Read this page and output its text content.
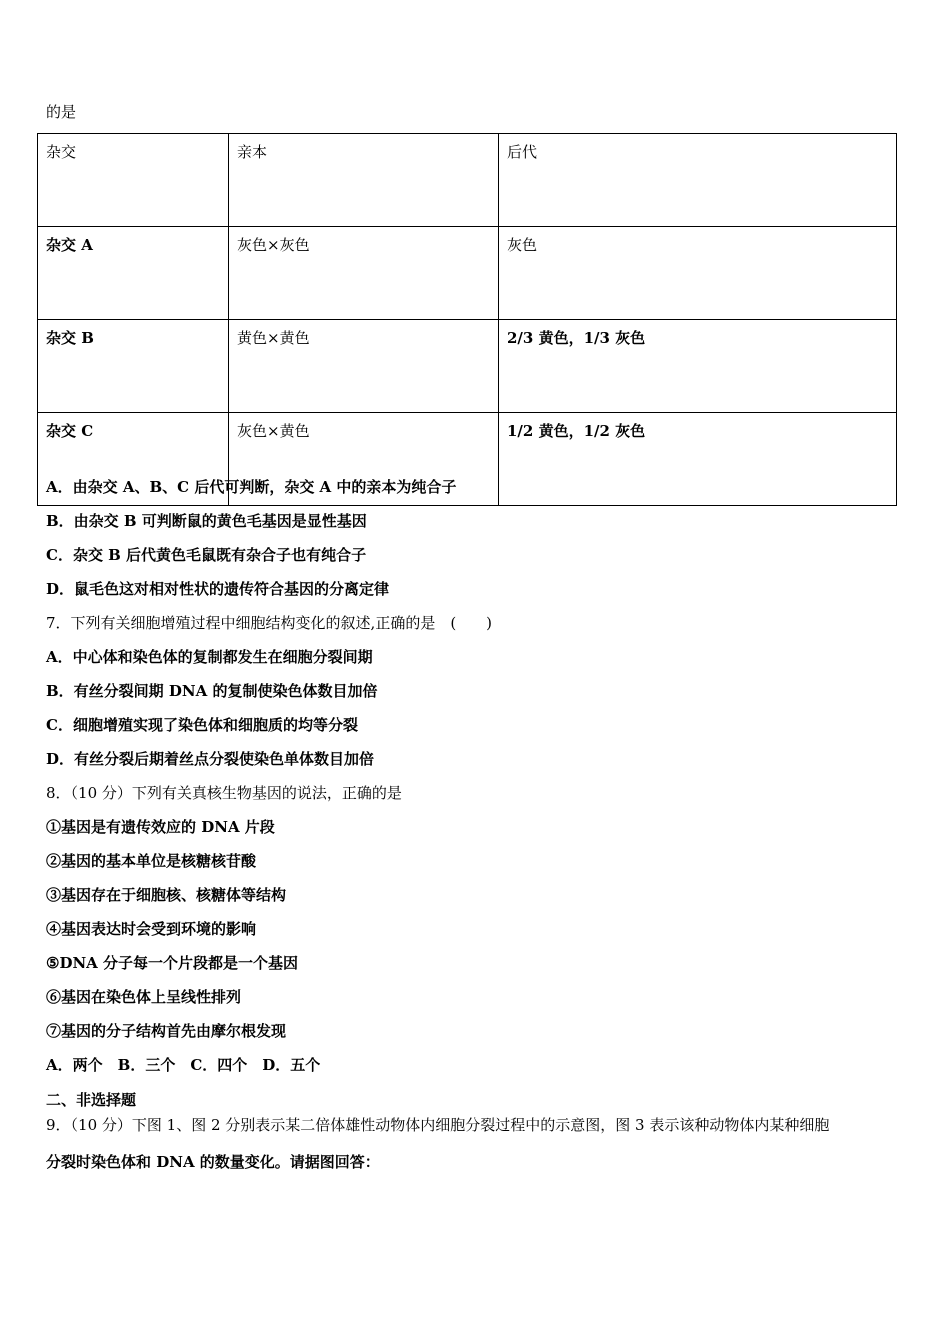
的是
杂交	亲本	后代
杂交 A	灰色×灰色	灰色
杂交 B	黄色×黄色	2/3 黄色，1/3 灰色
杂交 C	灰色×黄色	1/2 黄色，1/2 灰色
A．由杂交 A、B、C 后代可判断，杂交 A 中的亲本为纯合子
B．由杂交 B 可判断鼠的黄色毛基因是显性基因
C．杂交 B 后代黄色毛鼠既有杂合子也有纯合子
D．鼠毛色这对相对性状的遗传符合基因的分离定律
7．下列有关细胞增殖过程中细胞结构变化的叙述,正确的是　(　　)
A．中心体和染色体的复制都发生在细胞分裂间期
B．有丝分裂间期 DNA 的复制使染色体数目加倍
C．细胞增殖实现了染色体和细胞质的均等分裂
D．有丝分裂后期着丝点分裂使染色单体数目加倍
8．（10 分）下列有关真核生物基因的说法，正确的是
①基因是有遗传效应的 DNA 片段
②基因的基本单位是核糖核苷酸
③基因存在于细胞核、核糖体等结构
④基因表达时会受到环境的影响
⑤DNA 分子每一个片段都是一个基因
⑥基因在染色体上呈线性排列
⑦基因的分子结构首先由摩尔根发现
A．两个　B．三个　C．四个　D．五个
二、非选择题
9．（10 分）下图 1、图 2 分别表示某二倍体雄性动物体内细胞分裂过程中的示意图，图 3 表示该种动物体内某种细胞
分裂时染色体和 DNA 的数量变化。请据图回答：
